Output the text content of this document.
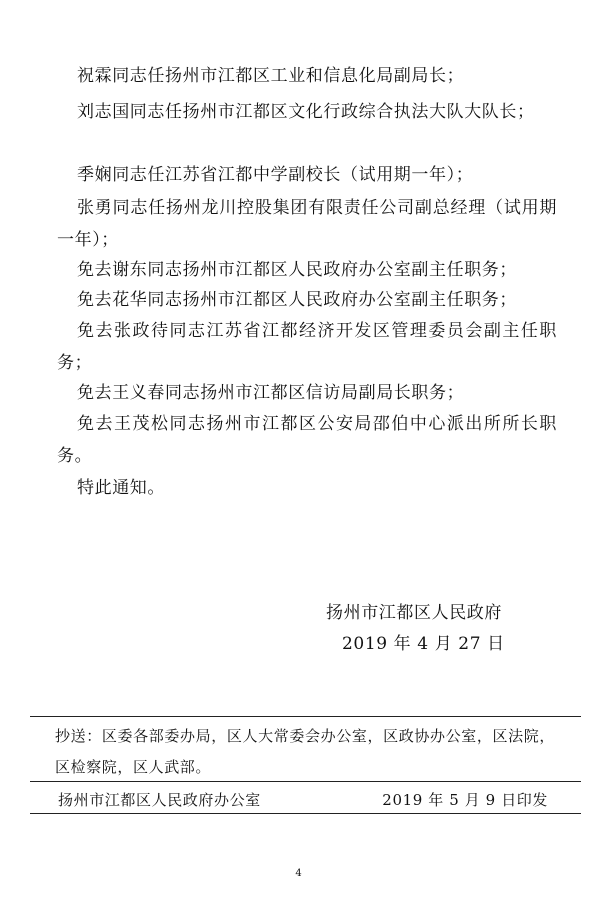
祝霖同志任扬州市江都区工业和信息化局副局长；

刘志国同志任扬州市江都区文化行政综合执法大队大队长；

季娴同志任江苏省江都中学副校长（试用期一年）；

张勇同志任扬州龙川控股集团有限责任公司副总经理（试用期一年）；

免去谢东同志扬州市江都区人民政府办公室副主任职务；

免去花华同志扬州市江都区人民政府办公室副主任职务；

免去张政待同志江苏省江都经济开发区管理委员会副主任职务；

免去王义春同志扬州市江都区信访局副局长职务；

免去王茂松同志扬州市江都区公安局邵伯中心派出所所长职务。

特此通知。

扬州市江都区人民政府
2019 年 4 月 27 日

抄送：区委各部委办局，区人大常委会办公室，区政协办公室，区法院，区检察院，区人武部。

扬州市江都区人民政府办公室	2019 年 5 月 9 日印发
4
